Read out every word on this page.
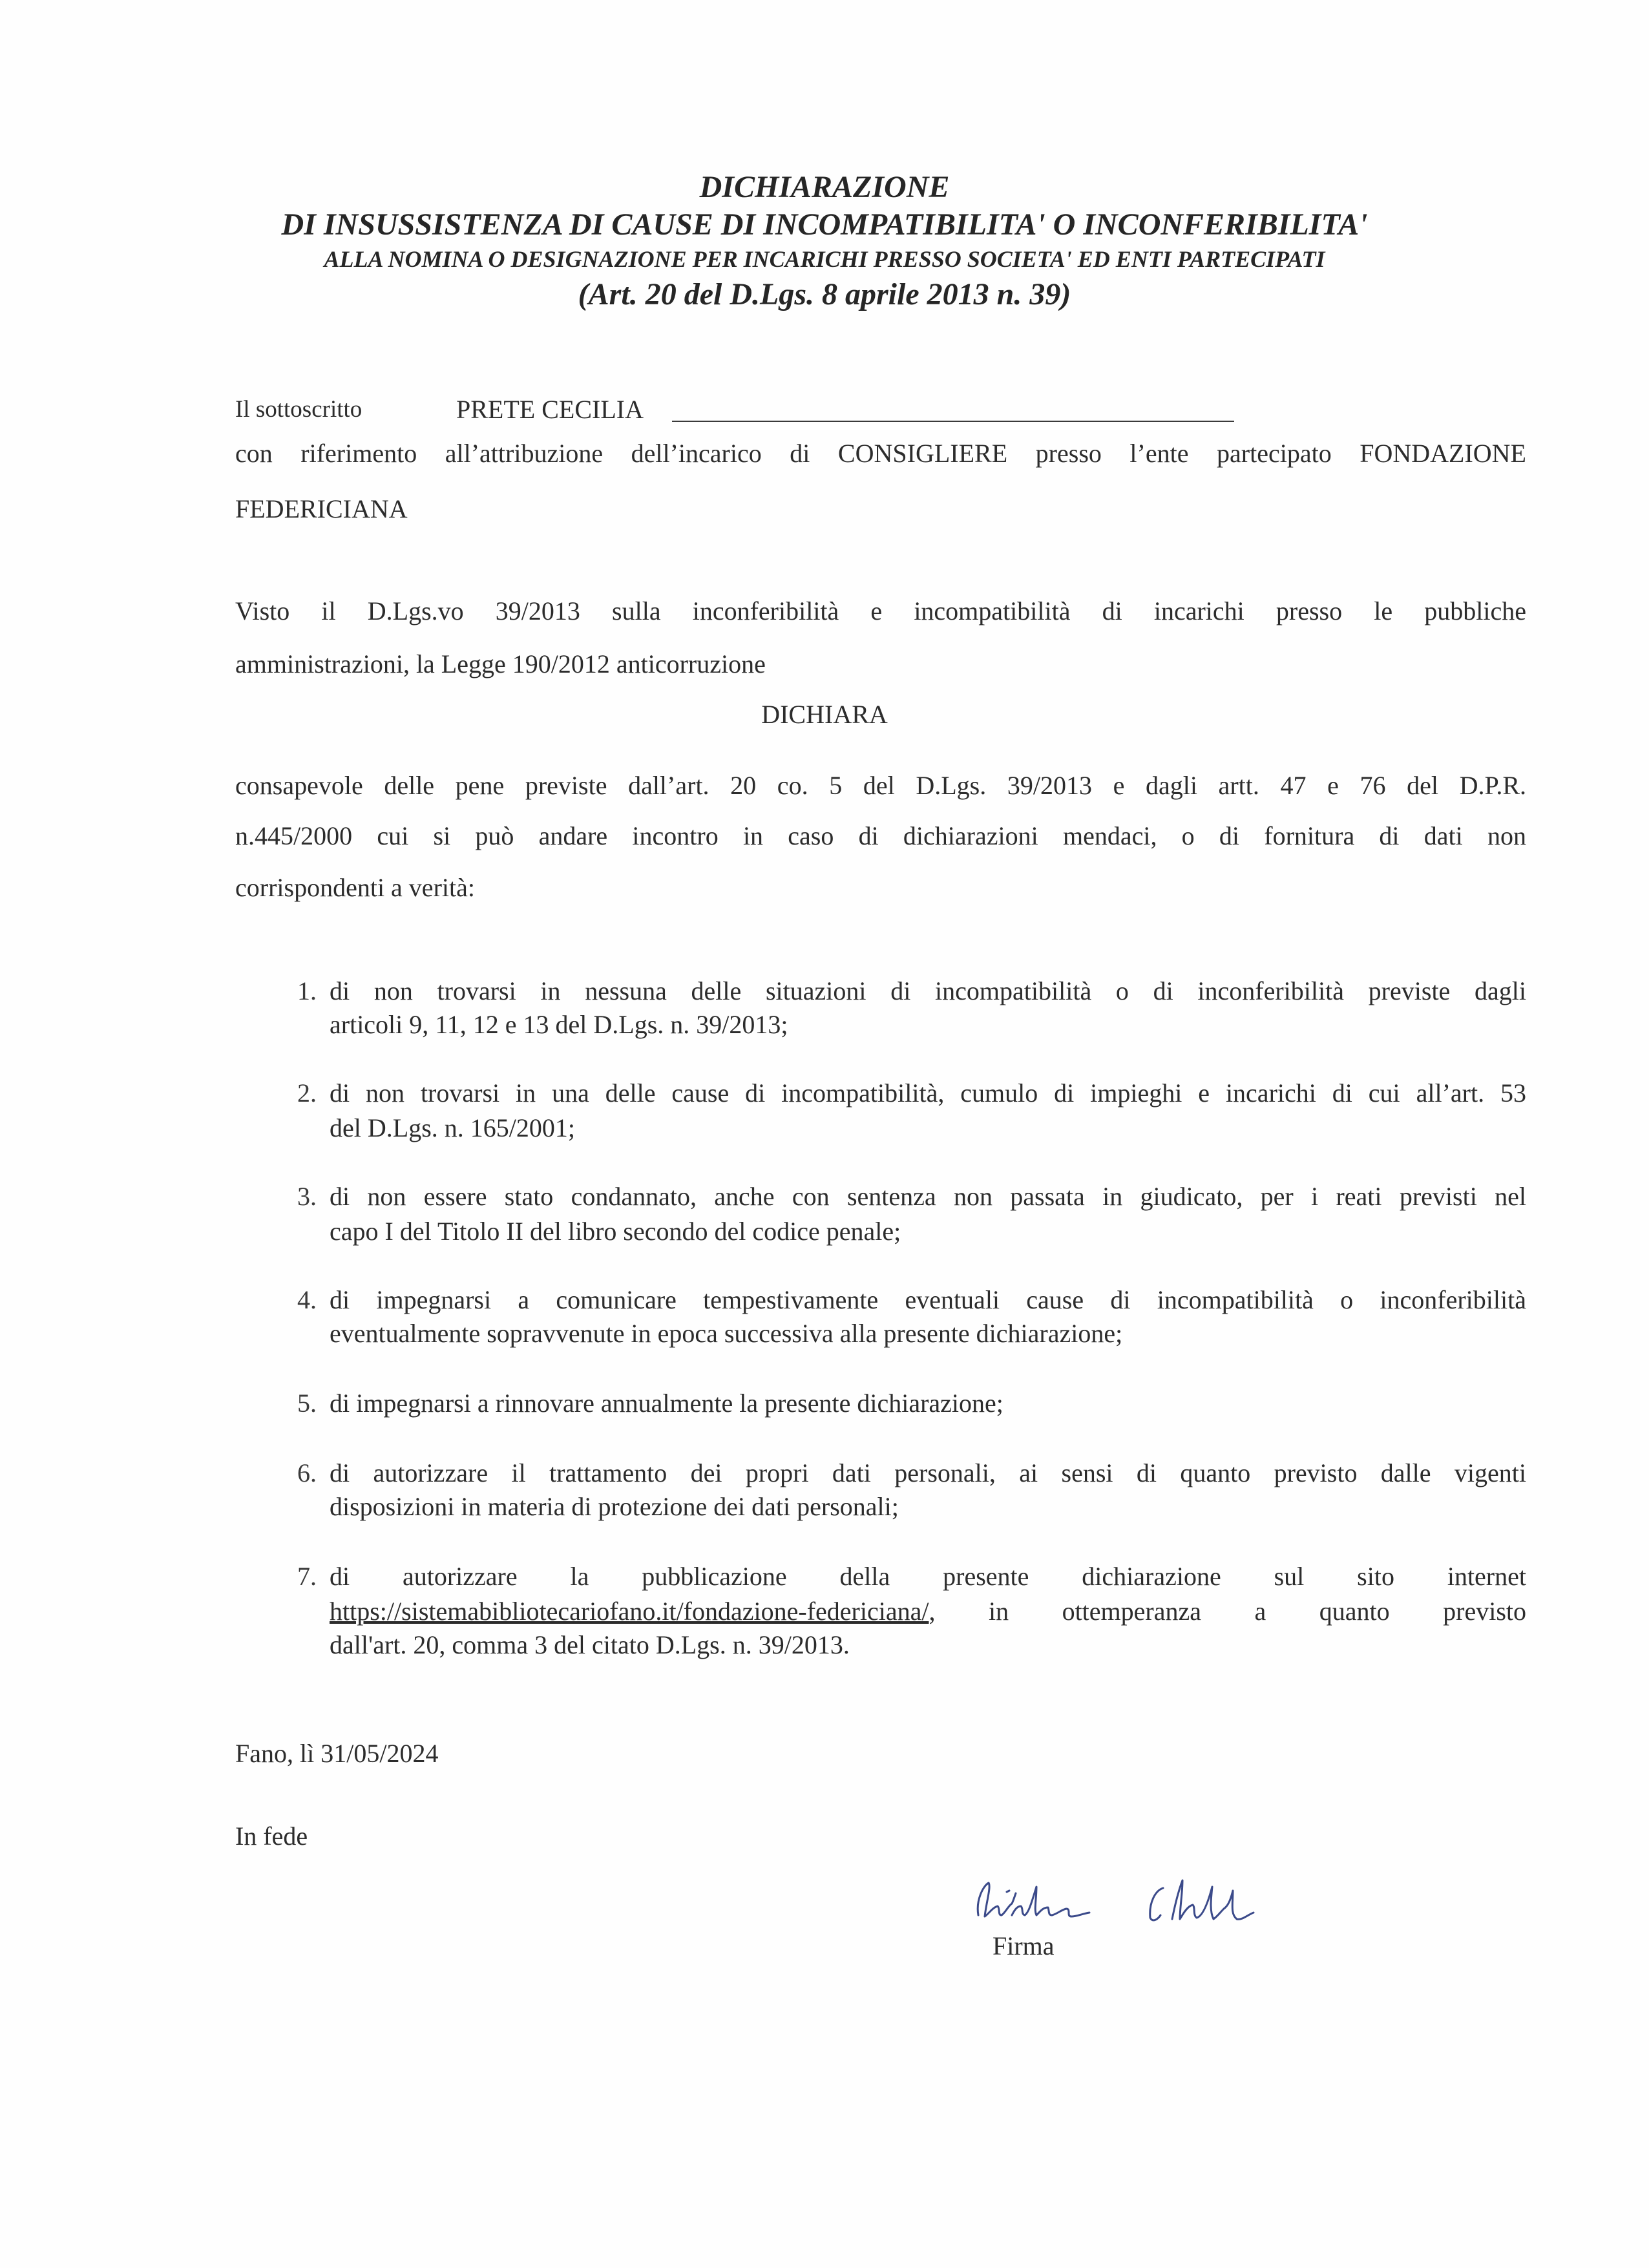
DICHIARAZIONE
DI INSUSSISTENZA DI CAUSE DI INCOMPATIBILITA' O INCONFERIBILITA'
ALLA NOMINA O DESIGNAZIONE PER INCARICHI PRESSO SOCIETA' ED ENTI PARTECIPATI
(Art. 20 del D.Lgs. 8 aprile 2013 n. 39)
Il sottoscritto	PRETE CECILIA
con riferimento all’attribuzione dell’incarico di CONSIGLIERE presso l’ente partecipato FONDAZIONE
FEDERICIANA
Visto il D.Lgs.vo 39/2013 sulla inconferibilità e incompatibilità di incarichi presso le pubbliche
amministrazioni, la Legge 190/2012 anticorruzione
DICHIARA
consapevole delle pene previste dall’art. 20 co. 5 del D.Lgs. 39/2013 e dagli artt. 47 e 76 del D.P.R.
n.445/2000 cui si può andare incontro in caso di dichiarazioni mendaci, o di fornitura di dati non
corrispondenti a verità:
1. di non trovarsi in nessuna delle situazioni di incompatibilità o di inconferibilità previste dagli
articoli 9, 11, 12 e 13 del D.Lgs. n. 39/2013;
2. di non trovarsi in una delle cause di incompatibilità, cumulo di impieghi e incarichi di cui all’art. 53
del D.Lgs. n. 165/2001;
3. di non essere stato condannato, anche con sentenza non passata in giudicato, per i reati previsti nel
capo I del Titolo II del libro secondo del codice penale;
4. di impegnarsi a comunicare tempestivamente eventuali cause di incompatibilità o inconferibilità
eventualmente sopravvenute in epoca successiva alla presente dichiarazione;
5. di impegnarsi a rinnovare annualmente la presente dichiarazione;
6. di autorizzare il trattamento dei propri dati personali, ai sensi di quanto previsto dalle vigenti
disposizioni in materia di protezione dei dati personali;
7. di autorizzare la pubblicazione della presente dichiarazione sul sito internet
https://sistemabibliotecariofano.it/fondazione-federiciana/ , in ottemperanza a quanto previsto
dall'art. 20, comma 3 del citato D.Lgs. n. 39/2013.
Fano, lì 31/05/2024
In fede
Firma
